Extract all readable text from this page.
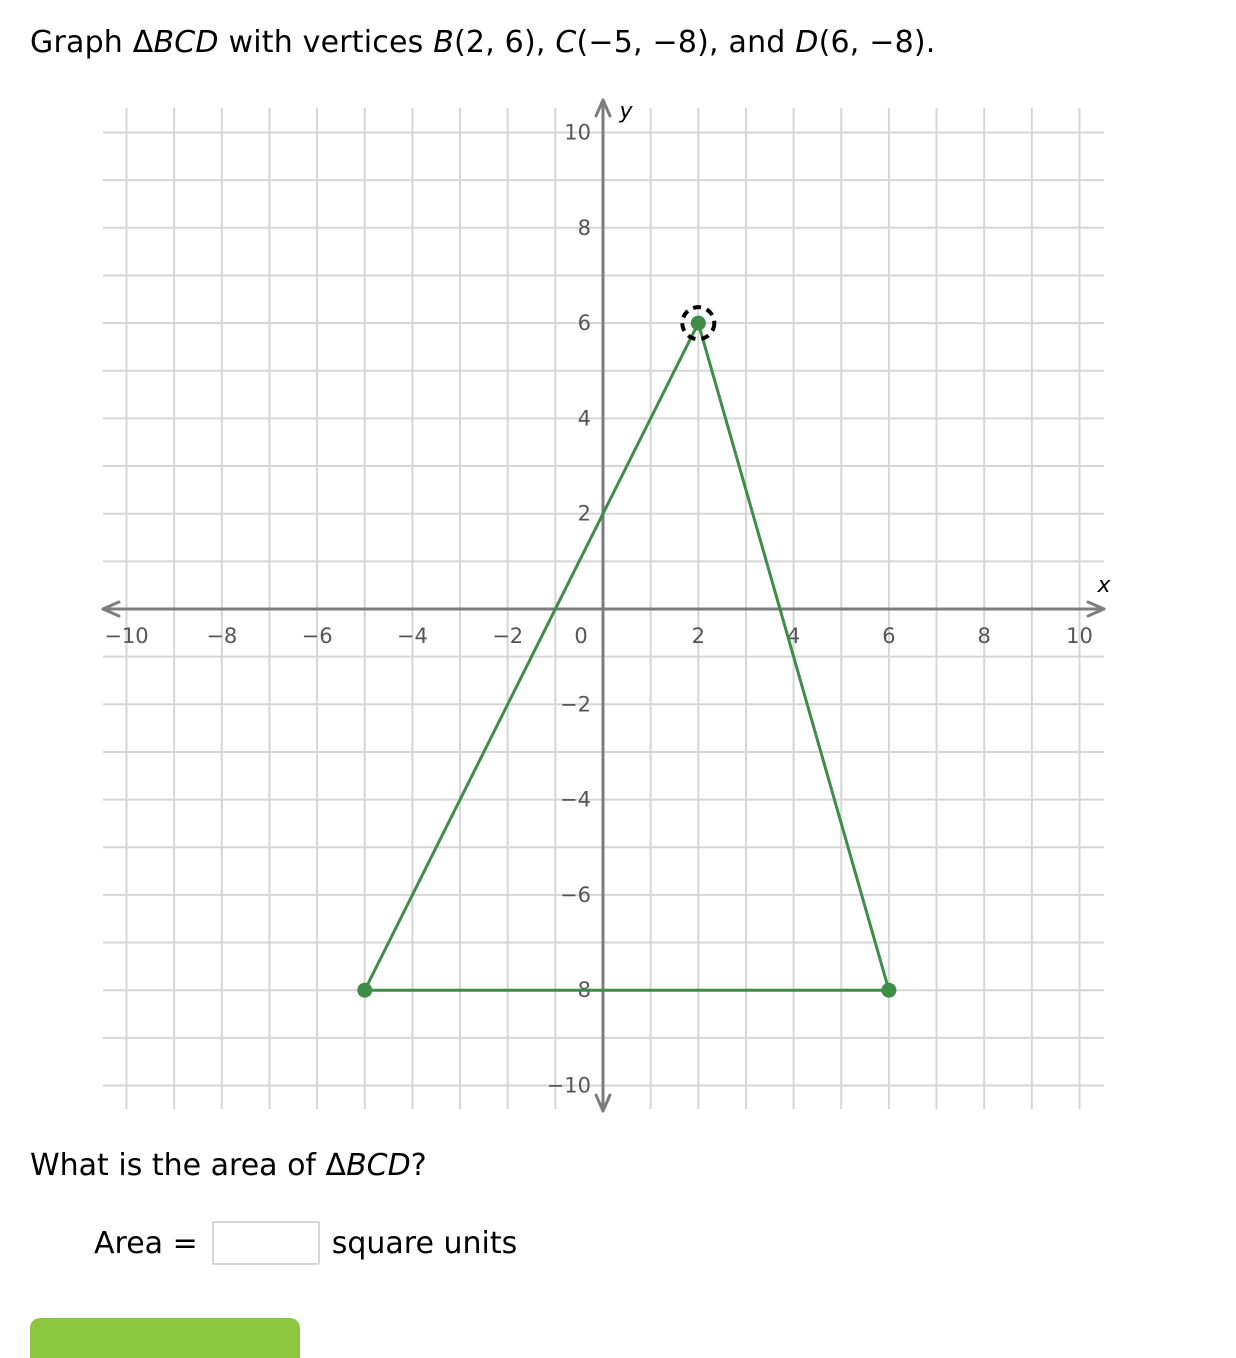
Graph ΔBCD with vertices B(2, 6), C(−5, −8), and D(6, −8).
x
y
−10	−8	−6	−4	−2 0	2	4	6	8	10
10
8
6
4
2
−2
−4
−6
−8
−10
What is the area of ΔBCD?
Area =	square units
